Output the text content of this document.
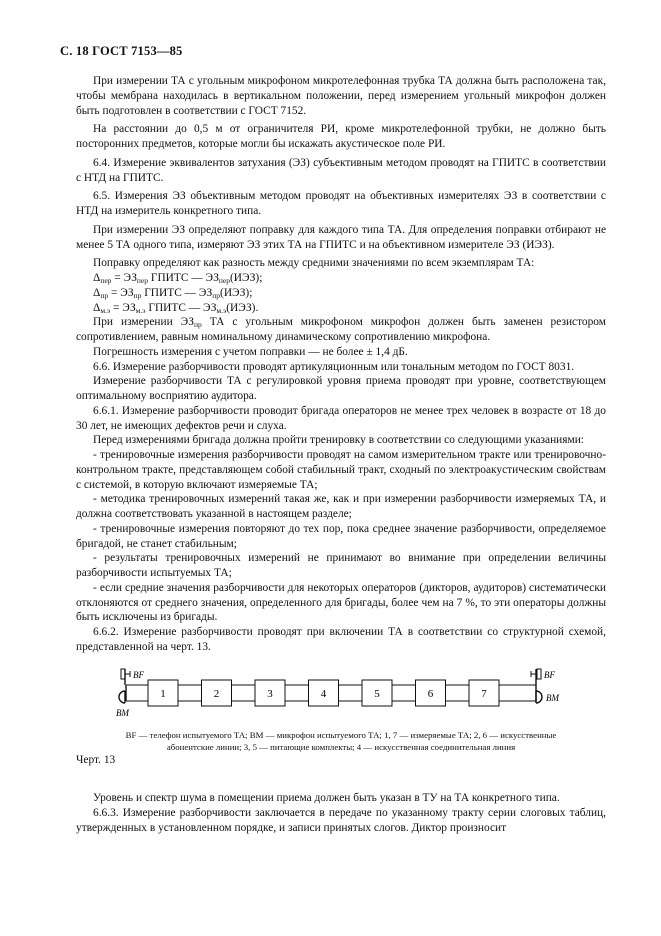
С. 18 ГОСТ 7153—85

При измерении ТА с угольным микрофоном микротелефонная трубка ТА должна быть расположена так, чтобы мембрана находилась в вертикальном положении, перед измерением угольный микрофон должен быть подготовлен в соответствии с ГОСТ 7152.

На расстоянии до 0,5 м от ограничителя РИ, кроме микротелефонной трубки, не должно быть посторонних предметов, которые могли бы искажать акустическое поле РИ.

6.4. Измерение эквивалентов затухания (ЭЗ) субъективным методом проводят на ГПИТС в соответствии с НТД на ГПИТС.

6.5. Измерения ЭЗ объективным методом проводят на объективных измерителях ЭЗ в соответствии с НТД на измеритель конкретного типа.

При измерении ЭЗ определяют поправку для каждого типа ТА. Для определения поправки отбирают не менее 5 ТА одного типа, измеряют ЭЗ этих ТА на ГПИТС и на объективном измерителе ЭЗ (ИЭЗ).

Поправку определяют как разность между средними значениями по всем экземплярам ТА:

$\Delta_{пер} = ЭЗ_{пер}$ ГПИТС — $ЭЗ_{пер}(ИЭЗ)$;

$\Delta_{пр} = ЭЗ_{пр}$ ГПИТС — $ЭЗ_{пр}(ИЭЗ)$;

$\Delta_{м.э} = ЭЗ_{м.э}$ ГПИТС — $ЭЗ_{м.э}(ИЭЗ)$.

При измерении $ЭЗ_{пр}$ ТА с угольным микрофоном микрофон должен быть заменен резистором сопротивлением, равным номинальному динамическому сопротивлению микрофона.

Погрешность измерения с учетом поправки — не более ± 1,4 дБ.

6.6. Измерение разборчивости проводят артикуляционным или тональным методом по ГОСТ 8031.

Измерение разборчивости ТА с регулировкой уровня приема проводят при уровне, соответствующем оптимальному восприятию аудитора.

6.6.1. Измерение разборчивости проводит бригада операторов не менее трех человек в возрасте от 18 до 30 лет, не имеющих дефектов речи и слуха.

Перед измерениями бригада должна пройти тренировку в соответствии со следующими указаниями:

- тренировочные измерения разборчивости проводят на самом измерительном тракте или тренировочно-контрольном тракте, представляющем собой стабильный тракт, сходный по электроакустическим свойствам с системой, в которую включают измеряемые ТА;

- методика тренировочных измерений такая же, как и при измерении разборчивости измеряемых ТА, и должна соответствовать указанной в настоящем разделе;

- тренировочные измерения повторяют до тех пор, пока среднее значение разборчивости, определяемое бригадой, не станет стабильным;

- результаты тренировочных измерений не принимают во внимание при определении величины разборчивости испытуемых ТА;

- если средние значения разборчивости для некоторых операторов (дикторов, аудиторов) систематически отклоняются от среднего значения, определенного для бригады, более чем на 7 %, то эти операторы должны быть исключены из бригады.

6.6.2. Измерение разборчивости проводят при включении ТА в соответствии со структурной схемой, представленной на черт. 13.

BF
BM
1	2	3	4	5	6	7
BF
BM
BF — телефон испытуемого ТА; BM — микрофон испытуемого ТА; 1, 7 — измеряемые ТА; 2, 6 — искусственные
абонентские линии; 3, 5 — питающие комплекты; 4 — искусственная соединительная линия

Черт. 13

Уровень и спектр шума в помещении приема должен быть указан в ТУ на ТА конкретного типа.

6.6.3. Измерение разборчивости заключается в передаче по указанному тракту серии слоговых таблиц, утвержденных в установленном порядке, и записи принятых слогов. Диктор произносит
